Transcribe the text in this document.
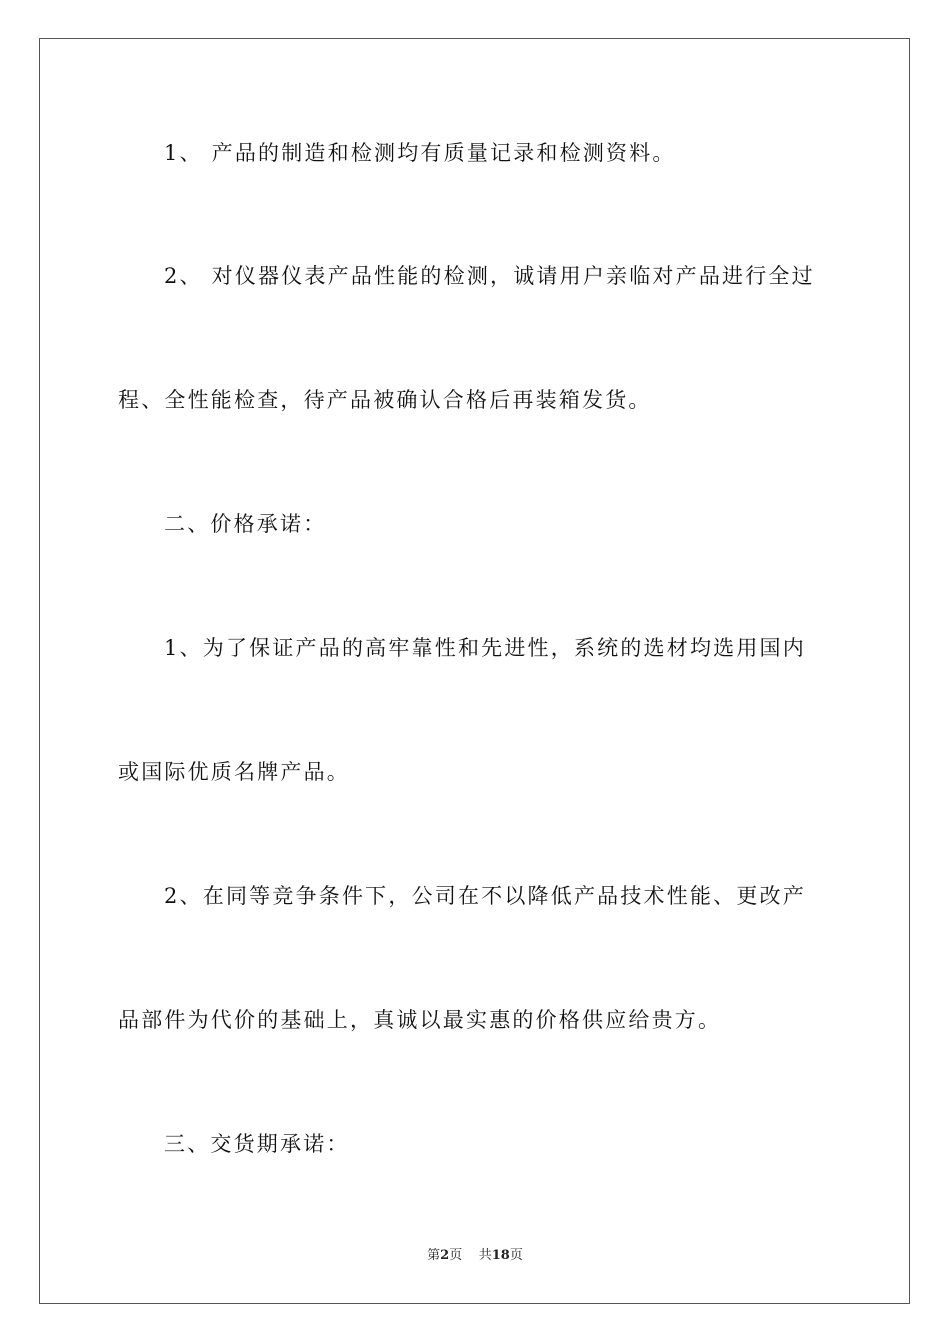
1、 产品的制造和检测均有质量记录和检测资料。

2、 对仪器仪表产品性能的检测，诚请用户亲临对产品进行全过

程、全性能检查，待产品被确认合格后再装箱发货。

二、价格承诺：

1、为了保证产品的高牢靠性和先进性，系统的选材均选用国内

或国际优质名牌产品。

2、在同等竞争条件下，公司在不以降低产品技术性能、更改产

品部件为代价的基础上，真诚以最实惠的价格供应给贵方。

三、交货期承诺：

第2页 共18页
